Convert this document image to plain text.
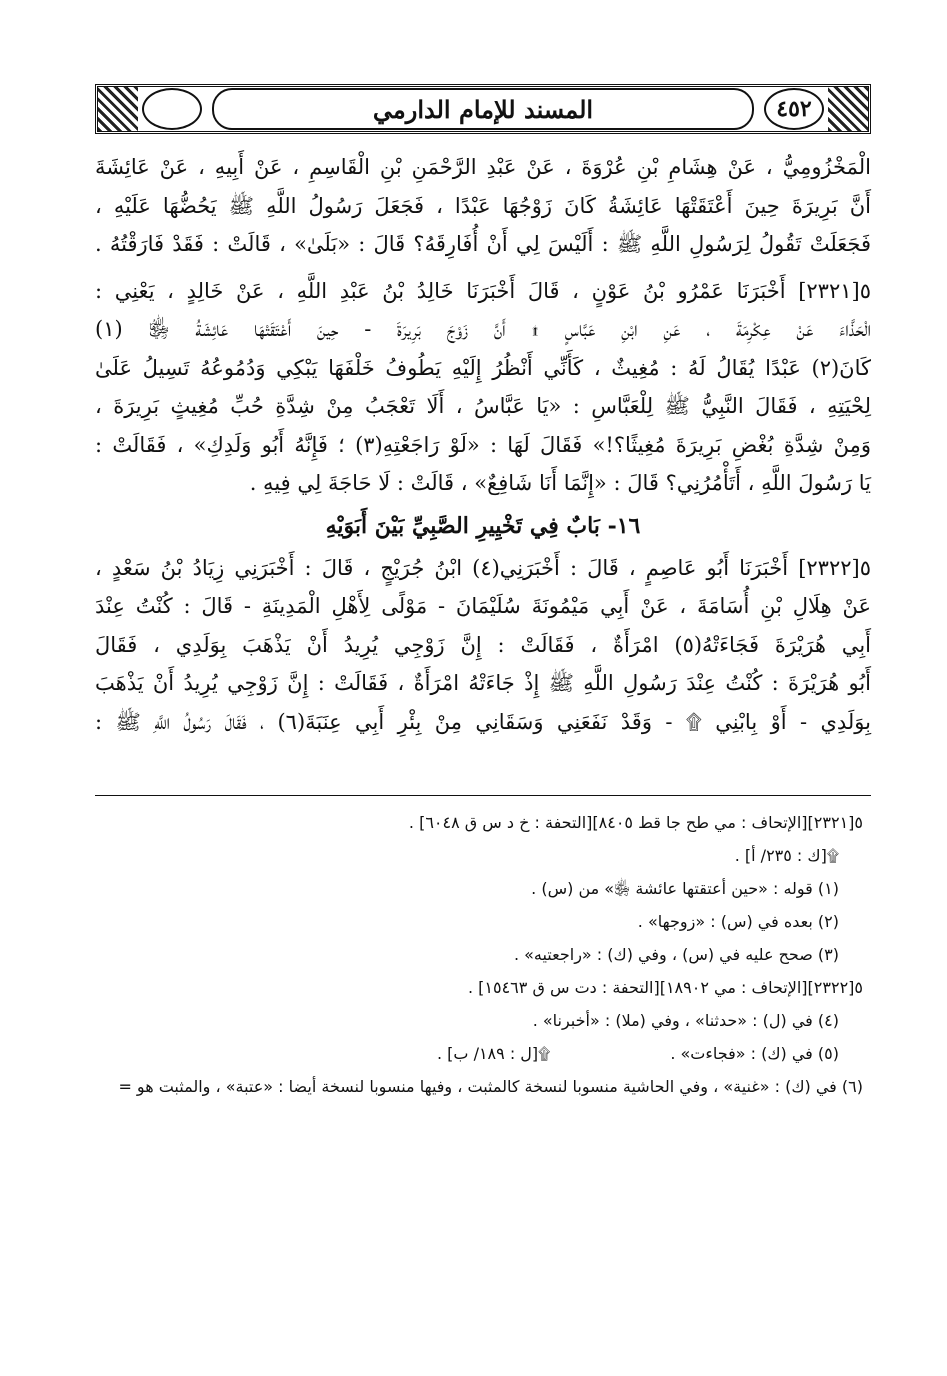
المسند للإمام الدارمي	٤٥٢
الْمَخْزُومِيُّ ، عَنْ هِشَامِ بْنِ عُرْوَةَ ، عَنْ عَبْدِ الرَّحْمَنِ بْنِ الْقَاسِمِ ، عَنْ أَبِيهِ ، عَنْ عَائِشَةَ
أَنَّ بَرِيرَةَ حِينَ أَعْتَقَتْهَا عَائِشَةُ كَانَ زَوْجُهَا عَبْدًا ، فَجَعَلَ رَسُولُ اللَّهِ ﷺ يَحُضُّهَا عَلَيْهِ ،
فَجَعَلَتْ تَقُولُ لِرَسُولِ اللَّهِ ﷺ : أَلَيْسَ لِي أَنْ أُفَارِقَهُ؟ قَالَ : «بَلَىٰ» ، قَالَتْ : فَقَدْ فَارَقْتُهُ .
٥[٢٣٢١] أَخْبَرَنَا عَمْرُو بْنُ عَوْنٍ ، قَالَ أَخْبَرَنَا خَالِدُ بْنُ عَبْدِ اللَّهِ ، عَنْ خَالِدٍ ، يَعْنِي :
الْحَذَّاءَ عَنْ عِكْرِمَةَ ، عَنِ ابْنِ عَبَّاسٍ ۩ أَنَّ زَوْجَ بَرِيرَةَ - حِينَ أَعْتَقَتْهَا عَائِشَةُ ﵂ (١)
كَانَ(٢) عَبْدًا يُقَالُ لَهُ : مُغِيثٌ ، كَأَنِّي أَنْظُرُ إِلَيْهِ يَطُوفُ خَلْفَهَا يَبْكِي وَدُمُوعُهُ تَسِيلُ عَلَىٰ
لِحْيَتِهِ ، فَقَالَ النَّبِيُّ ﷺ لِلْعَبَّاسِ : «يَا عَبَّاسُ ، أَلَا تَعْجَبُ مِنْ شِدَّةِ حُبِّ مُغِيثٍ بَرِيرَةَ ،
وَمِنْ شِدَّةِ بُغْضِ بَرِيرَةَ مُغِيثًا؟!» فَقَالَ لَهَا : «لَوْ رَاجَعْتِهِ(٣) ؛ فَإِنَّهُ أَبُو وَلَدِكِ» ، فَقَالَتْ :
يَا رَسُولَ اللَّهِ ، أَتَأْمُرُنِي؟ قَالَ : «إِنَّمَا أَنَا شَافِعٌ» ، قَالَتْ : لَا حَاجَةَ لِي فِيهِ .
١٦- بَابٌ فِي تَخْيِيرِ الصَّبِيِّ بَيْنَ أَبَوَيْهِ
٥[٢٣٢٢] أَخْبَرَنَا أَبُو عَاصِمٍ ، قَالَ : أَخْبَرَنِي(٤) ابْنُ جُرَيْجٍ ، قَالَ : أَخْبَرَنِي زِيَادُ بْنُ سَعْدٍ ،
عَنْ هِلَالِ بْنِ أُسَامَةَ ، عَنْ أَبِي مَيْمُونَةَ سُلَيْمَانَ - مَوْلًى لِأَهْلِ الْمَدِينَةِ - قَالَ : كُنْتُ عِنْدَ
أَبِي هُرَيْرَةَ فَجَاءَتْهُ(٥) امْرَأَةٌ ، فَقَالَتْ : إِنَّ زَوْجِي يُرِيدُ أَنْ يَذْهَبَ بِوَلَدِي ، فَقَالَ
أَبُو هُرَيْرَةَ : كُنْتُ عِنْدَ رَسُولِ اللَّهِ ﷺ إِذْ جَاءَتْهُ امْرَأَةٌ ، فَقَالَتْ : إِنَّ زَوْجِي يُرِيدُ أَنْ يَذْهَبَ
بِوَلَدِي - أَوْ بِابْنِي ۩ - وَقَدْ نَفَعَنِي وَسَقَانِي مِنْ بِئْرِ أَبِي عِنَبَةَ(٦) ، فَقَالَ رَسُولُ اللَّهِ ﷺ :
٥[٢٣٢١][الإتحاف : مي طح جا قط ٨٤٠٥][التحفة : خ د س ق ٦٠٤٨] .
۩[ك : ٢٣٥/ أ] .
(١) قوله : «حين أعتقتها عائشة ﵂» من (س) .
(٢) بعده في (س) : «زوجها» .
(٣) صحح عليه في (س) ، وفي (ك) : «راجعتيه» .
٥[٢٣٢٢][الإتحاف : مي ١٨٩٠٢][التحفة : دت س ق ١٥٤٦٣] .
(٤) في (ل) : «حدثنا» ، وفي (ملا) : «أخبرنا» .
(٥) في (ك) : «فجاءت» .
۩[ل : ١٨٩/ ب] .
(٦) في (ك) : «غنية» ، وفي الحاشية منسوبا لنسخة كالمثبت ، وفيها منسوبا لنسخة أيضا : «عتبة» ، والمثبت هو =
